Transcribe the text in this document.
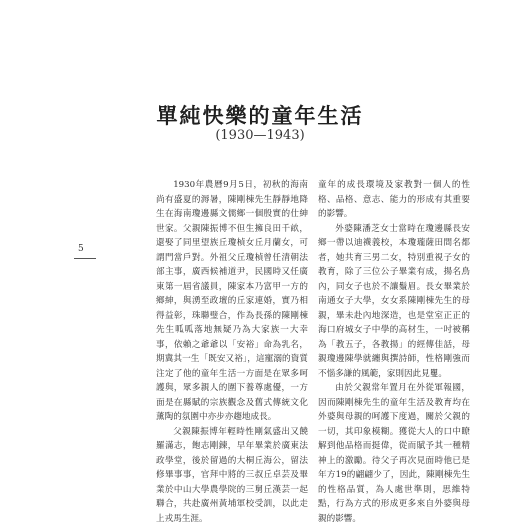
單純快樂的童年生活
(1930—1943)
5

1930年農曆9月5日，初秋的海南尚有盛夏的溽暑，陳剛棟先生靜靜地降生在海南瓊邊縣文儒鄉一個殷實的仕紳世家。父親陳振博不但生擁良田千畝，還娶了同里望族丘瓊楨女丘月蘭女，可謂門當戶對。外祖父丘瓊楨曾任清朝法部主事，廣西候補道尹，民國時又任廣東第一屆省議員，陳家本乃富甲一方的鄉紳，與湧至政壇的丘家連婚，實乃相得益彰，珠聯璧合，作為長孫的陳剛棟先生呱呱落地無疑乃為大家族一大幸事，依賴之爺爺以「安裕」命為乳名，期冀其一生「既安又裕」，這寵溺的資質注定了他的童年生活一方面是在眾多呵護與，眾多親人的圍下養尊處優，一方面是在縣賦的宗族觀念及舊式傳統文化薰陶的氛圍中亦步亦趨地成長。

父親陳振博年輕時性剛氣盛出又饒羅滿志，飽志剛鍊，早年畢業於廣東法政學堂，後於留過的大桐丘海公，留法修畢事事，官拜中將的三叔丘卓芸及畢業於中山大學農學院的三舅丘漢芸一起聯合，共赴廣州黃埔軍校受訓，以此走上戎馬生涯。

童年的成長環境及家教對一個人的性格、品格、意志、能力的形成有其重要的影響。

外婆陳潘芝女士當時在瓊邊縣長安鄉一帶以迪襪義校，本瓊瓏薩田間名都者，她共育三男二女，特別重視子女的教育，除了三位公子畢業有成，揚名鳥內，同女子也於不讓鬚眉。長女畢業於南通女子大學，女女系陳剛棟先生的母親，畢未赴內地深造，也是堂室正正的海口府城女子中學的高材生，一吋被稱為「教五子，各教揚」的經傳佳話，母親瓊邊陳學就纏與撰詩師，性格剛強而不惱多謙的風範，家則因此見矍。

由於父親常年置月在外從軍報國，因而陳剛棟先生的童年生活及教育均在外婆與母親的呵護下度過，關於父親的一切，其印象模糊。獲從大人的口中瞭解到他品格而挺偉，從而賦予其一種精神上的激勵。待父子再次見面時他已是年方19的翩翩少了，因此，陳剛棟先生的性格品質，為人處世準則，思維特點，行為方式的形成更多來自外婆與母親的影響。
